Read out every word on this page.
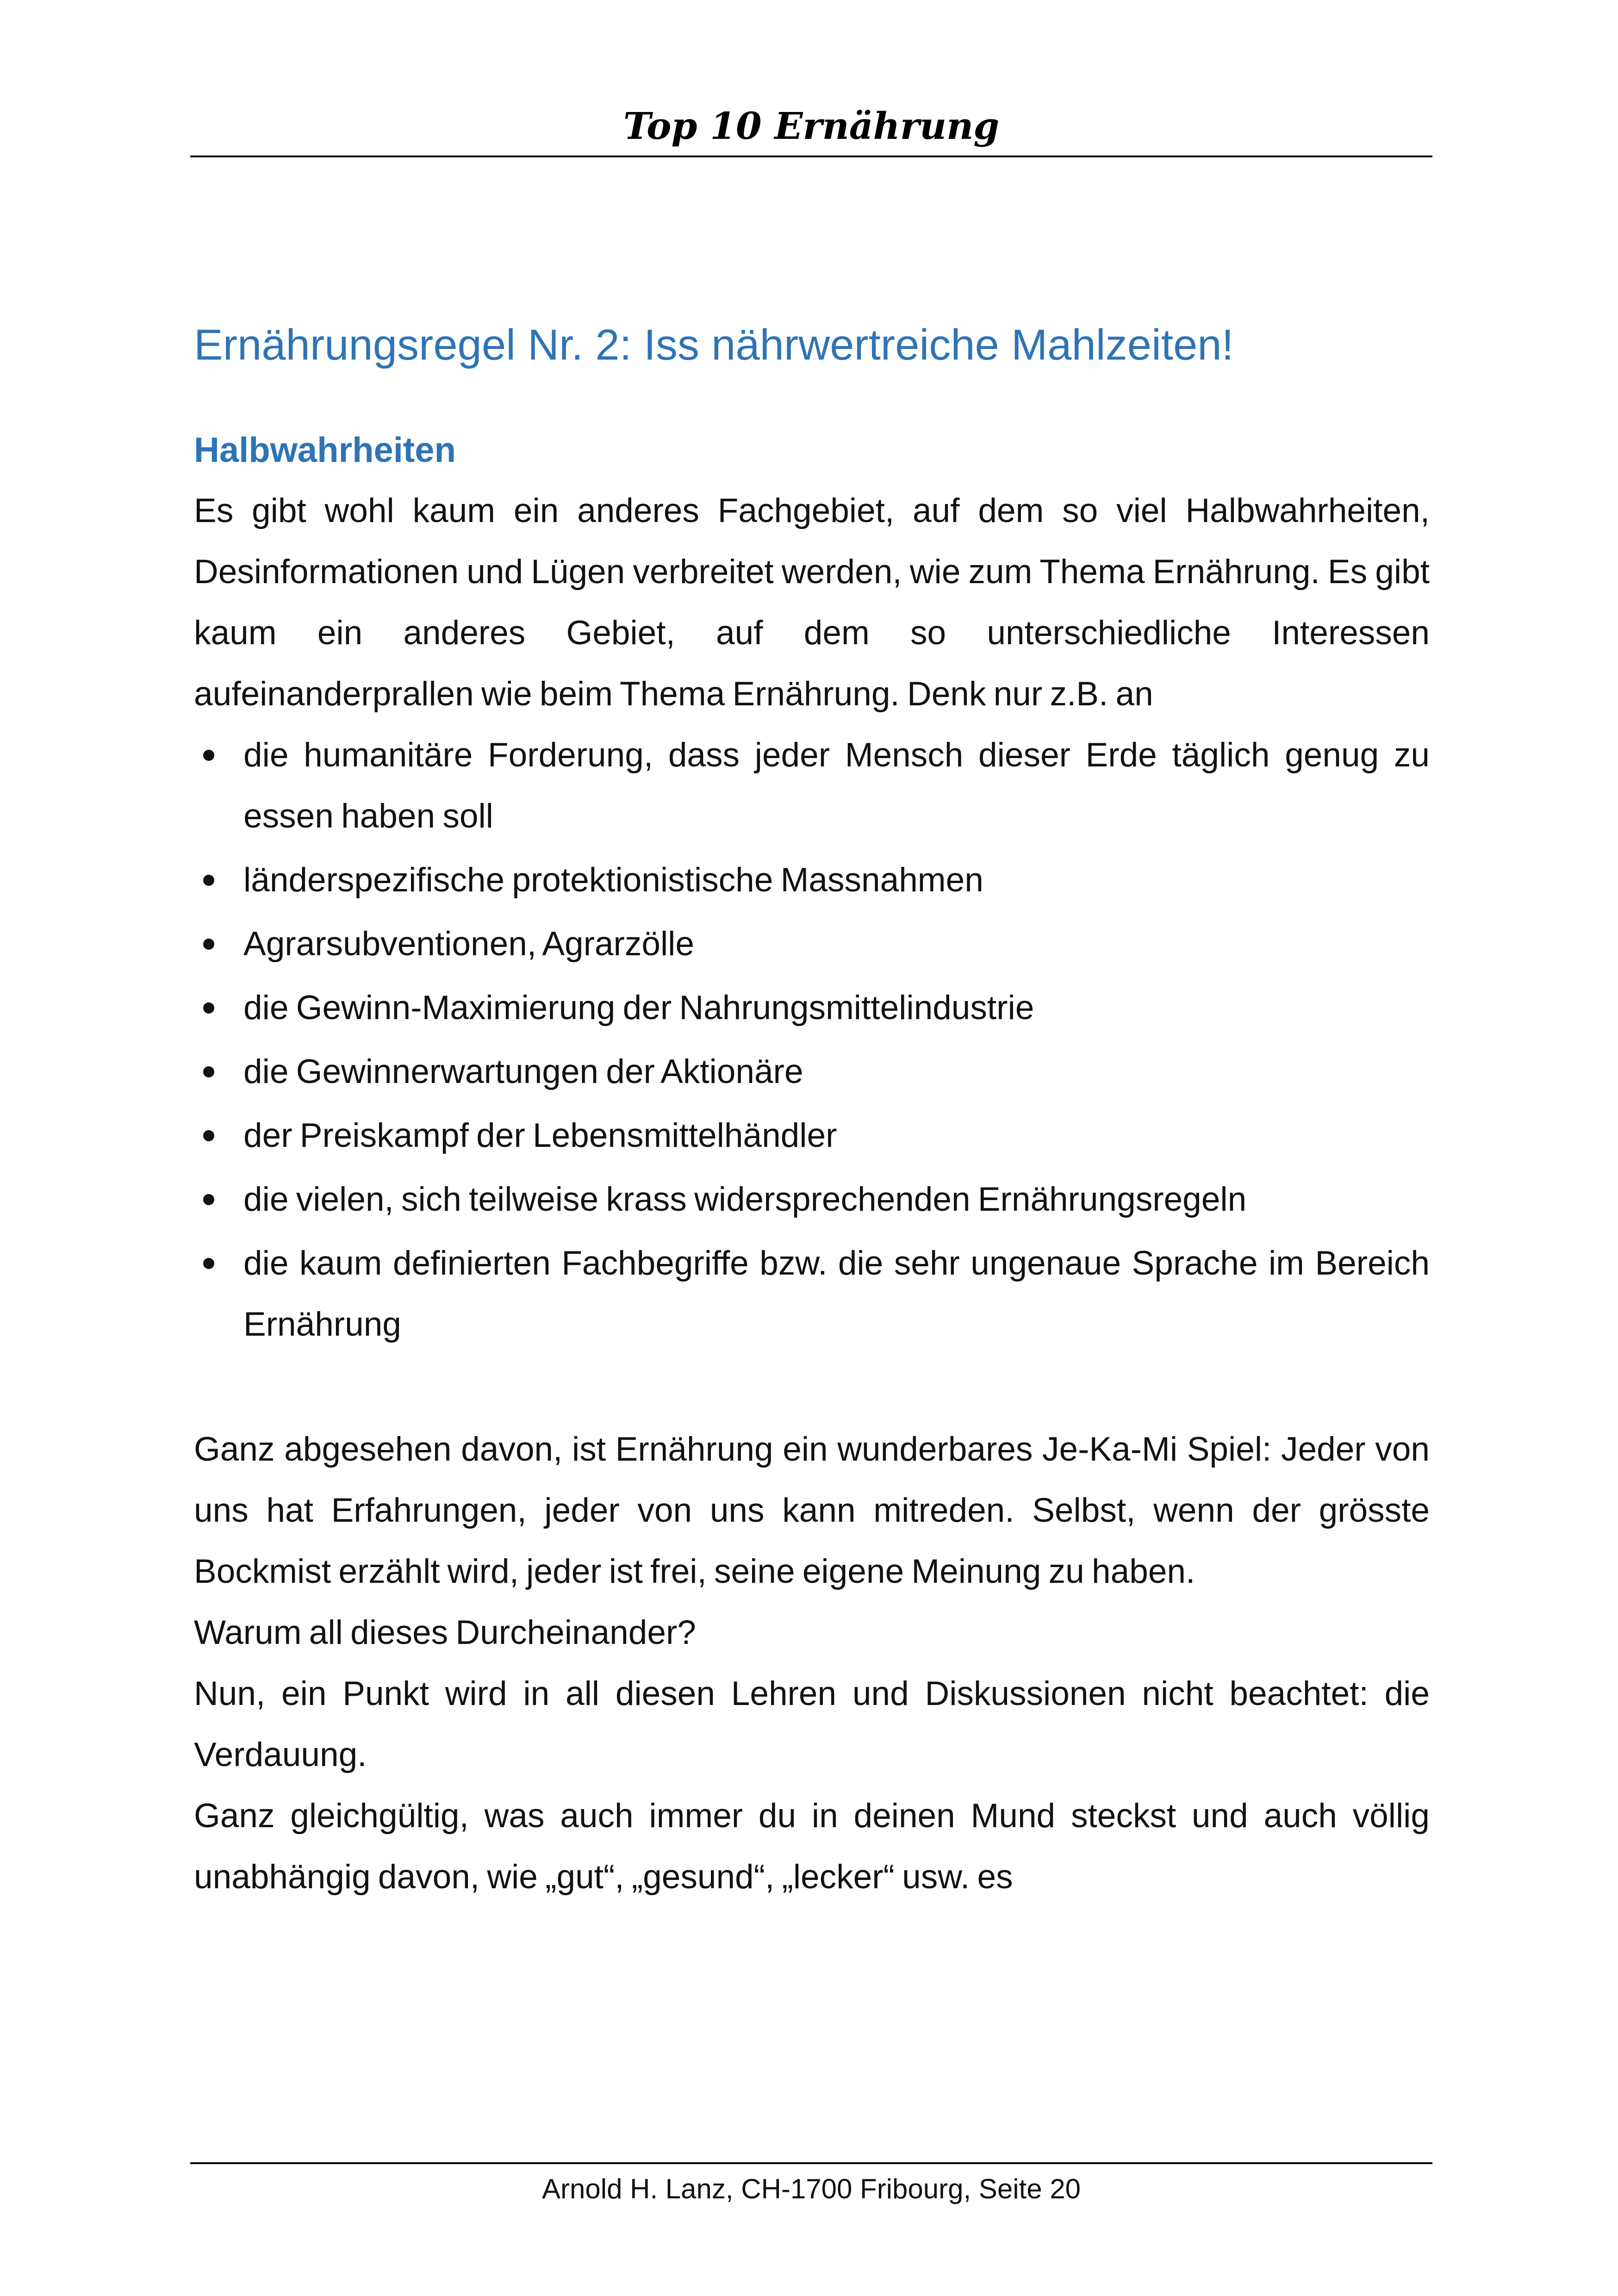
Top 10 Ernährung
Ernährungsregel Nr. 2: Iss nährwertreiche Mahlzeiten!
Halbwahrheiten

Es gibt wohl kaum ein anderes Fachgebiet, auf dem so viel Halbwahrheiten, Desinformationen und Lügen verbreitet werden, wie zum Thema Ernährung. Es gibt kaum ein anderes Gebiet, auf dem so unterschiedliche Interessen aufeinanderprallen wie beim Thema Ernährung. Denk nur z.B. an

die humanitäre Forderung, dass jeder Mensch dieser Erde täglich genug zu essen haben soll
länderspezifische protektionistische Massnahmen
Agrarsubventionen, Agrarzölle
die Gewinn-Maximierung der Nahrungsmittelindustrie
die Gewinnerwartungen der Aktionäre
der Preiskampf der Lebensmittelhändler
die vielen, sich teilweise krass widersprechenden Ernährungsregeln
die kaum definierten Fachbegriffe bzw. die sehr ungenaue Sprache im Bereich Ernährung

Ganz abgesehen davon, ist Ernährung ein wunderbares Je-Ka-Mi Spiel: Jeder von uns hat Erfahrungen, jeder von uns kann mitreden. Selbst, wenn der grösste Bockmist erzählt wird, jeder ist frei, seine eigene Meinung zu haben.

Warum all dieses Durcheinander?

Nun, ein Punkt wird in all diesen Lehren und Diskussionen nicht beachtet: die Verdauung.

Ganz gleichgültig, was auch immer du in deinen Mund steckst und auch völlig unabhängig davon, wie „gut“, „gesund“, „lecker“ usw. es

Arnold H. Lanz, CH-1700 Fribourg, Seite 20
